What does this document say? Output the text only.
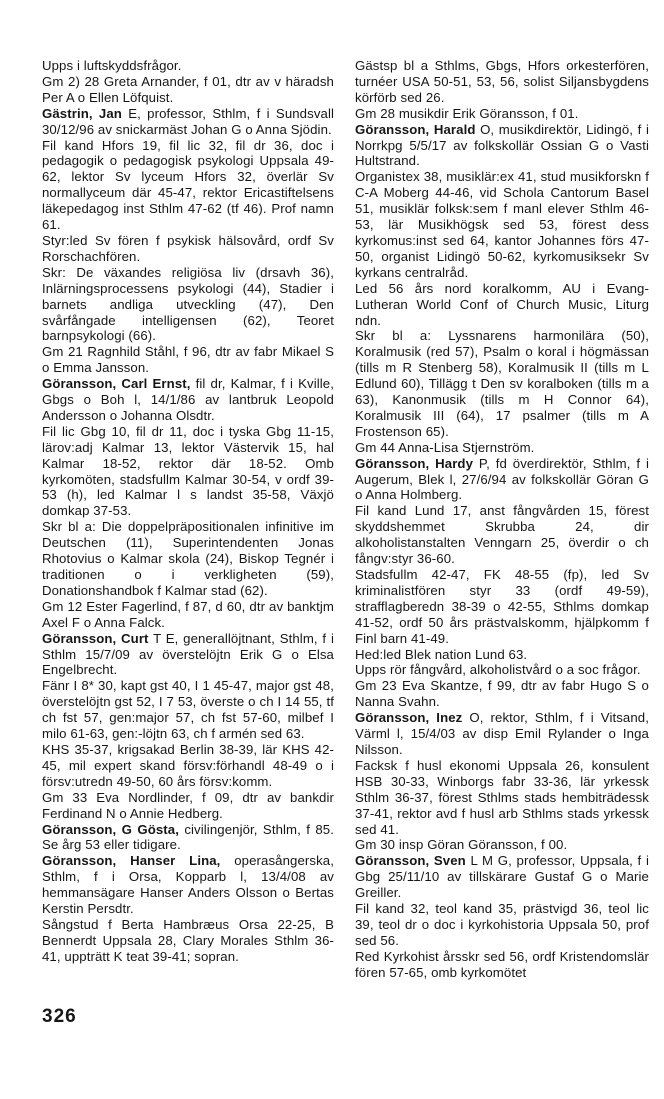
Upps i luftskyddsfrågor.

Gm 2) 28 Greta Arnander, f 01, dtr av v häradsh Per A o Ellen Löfquist.

Gästrin, Jan E, professor, Sthlm, f i Sundsvall 30/12/96 av snickarmäst Johan G o Anna Sjödin.

Fil kand Hfors 19, fil lic 32, fil dr 36, doc i pedagogik o pedagogisk psykologi Uppsala 49-62, lektor Sv lyceum Hfors 32, överlär Sv normallyceum där 45-47, rektor Ericastiftelsens läkepedagog inst Sthlm 47-62 (tf 46). Prof namn 61.

Styr:led Sv fören f psykisk hälsovård, ordf Sv Rorschachfören.

Skr: De växandes religiösa liv (drsavh 36), Inlärningsprocessens psykologi (44), Stadier i barnets andliga utveckling (47), Den svårfångade intelligensen (62), Teoret barnpsykologi (66).

Gm 21 Ragnhild Ståhl, f 96, dtr av fabr Mikael S o Emma Jansson.

Göransson, Carl Ernst, fil dr, Kalmar, f i Kville, Gbgs o Boh l, 14/1/86 av lantbruk Leopold Andersson o Johanna Olsdtr.

Fil lic Gbg 10, fil dr 11, doc i tyska Gbg 11-15, lärov:adj Kalmar 13, lektor Västervik 15, hal Kalmar 18-52, rektor där 18-52. Omb kyrkomöten, stadsfullm Kalmar 30-54, v ordf 39-53 (h), led Kalmar l s landst 35-58, Växjö domkap 37-53.

Skr bl a: Die doppelpräpositionalen infinitive im Deutschen (11), Superintendenten Jonas Rhotovius o Kalmar skola (24), Biskop Tegnér i traditionen o i verkligheten (59), Donationshandbok f Kalmar stad (62).

Gm 12 Ester Fagerlind, f 87, d 60, dtr av banktjm Axel F o Anna Falck.

Göransson, Curt T E, generallöjtnant, Sthlm, f i Sthlm 15/7/09 av överstelöjtn Erik G o Elsa Engelbrecht.

Fänr I 8* 30, kapt gst 40, I 1 45-47, major gst 48, överstelöjtn gst 52, I 7 53, överste o ch I 14 55, tf ch fst 57, gen:major 57, ch fst 57-60, milbef I milo 61-63, gen:-löjtn 63, ch f armén sed 63.

KHS 35-37, krigsakad Berlin 38-39, lär KHS 42-45, mil expert skand försv:förhandl 48-49 o i försv:utredn 49-50, 60 års försv:komm.

Gm 33 Eva Nordlinder, f 09, dtr av bankdir Ferdinand N o Annie Hedberg.

Göransson, G Gösta, civilingenjör, Sthlm, f 85. Se årg 53 eller tidigare.

Göransson, Hanser Lina, operasångerska, Sthlm, f i Orsa, Kopparb l, 13/4/08 av hemmansägare Hanser Anders Olsson o Bertas Kerstin Persdtr.

Sångstud f Berta Hambræus Orsa 22-25, B Bennerdt Uppsala 28, Clary Morales Sthlm 36-41, uppträtt K teat 39-41; sopran.

Gästsp bl a Sthlms, Gbgs, Hfors orkesterfören, turnéer USA 50-51, 53, 56, solist Siljansbygdens körförb sed 26.

Gm 28 musikdir Erik Göransson, f 01.

Göransson, Harald O, musikdirektör, Lidingö, f i Norrkpg 5/5/17 av folkskollär Ossian G o Vasti Hultstrand.

Organistex 38, musiklär:ex 41, stud musikforskn f C-A Moberg 44-46, vid Schola Cantorum Basel 51, musiklär folksk:sem f manl elever Sthlm 46-53, lär Musikhögsk sed 53, förest dess kyrkomus:inst sed 64, kantor Johannes förs 47-50, organist Lidingö 50-62, kyrkomusiksekr Sv kyrkans centralråd.

Led 56 års nord koralkomm, AU i Evang-Lutheran World Conf of Church Music, Liturg ndn.

Skr bl a: Lyssnarens harmonilära (50), Koralmusik (red 57), Psalm o koral i högmässan (tills m R Stenberg 58), Koralmusik II (tills m L Edlund 60), Tillägg t Den sv koralboken (tills m a 63), Kanonmusik (tills m H Connor 64), Koralmusik III (64), 17 psalmer (tills m A Frostenson 65).

Gm 44 Anna-Lisa Stjernström.

Göransson, Hardy P, fd överdirektör, Sthlm, f i Augerum, Blek l, 27/6/94 av folkskollär Göran G o Anna Holmberg.

Fil kand Lund 17, anst fångvården 15, förest skyddshemmet Skrubba 24, dir alkoholistanstalten Venngarn 25, överdir o ch fångv:styr 36-60.

Stadsfullm 42-47, FK 48-55 (fp), led Sv kriminalistfören styr 33 (ordf 49-59), strafflagberedn 38-39 o 42-55, Sthlms domkap 41-52, ordf 50 års prästvalskomm, hjälpkomm f Finl barn 41-49.

Hed:led Blek nation Lund 63.

Upps rör fångvård, alkoholistvård o a soc frågor.

Gm 23 Eva Skantze, f 99, dtr av fabr Hugo S o Nanna Svahn.

Göransson, Inez O, rektor, Sthlm, f i Vitsand, Värml l, 15/4/03 av disp Emil Rylander o Inga Nilsson.

Facksk f husl ekonomi Uppsala 26, konsulent HSB 30-33, Winborgs fabr 33-36, lär yrkessk Sthlm 36-37, förest Sthlms stads hembiträdessk 37-41, rektor avd f husl arb Sthlms stads yrkessk sed 41.

Gm 30 insp Göran Göransson, f 00.

Göransson, Sven L M G, professor, Uppsala, f i Gbg 25/11/10 av tillskärare Gustaf G o Marie Greiller.

Fil kand 32, teol kand 35, prästvigd 36, teol lic 39, teol dr o doc i kyrkohistoria Uppsala 50, prof sed 56.

Red Kyrkohist årsskr sed 56, ordf Kristendomslär fören 57-65, omb kyrkomötet

326
